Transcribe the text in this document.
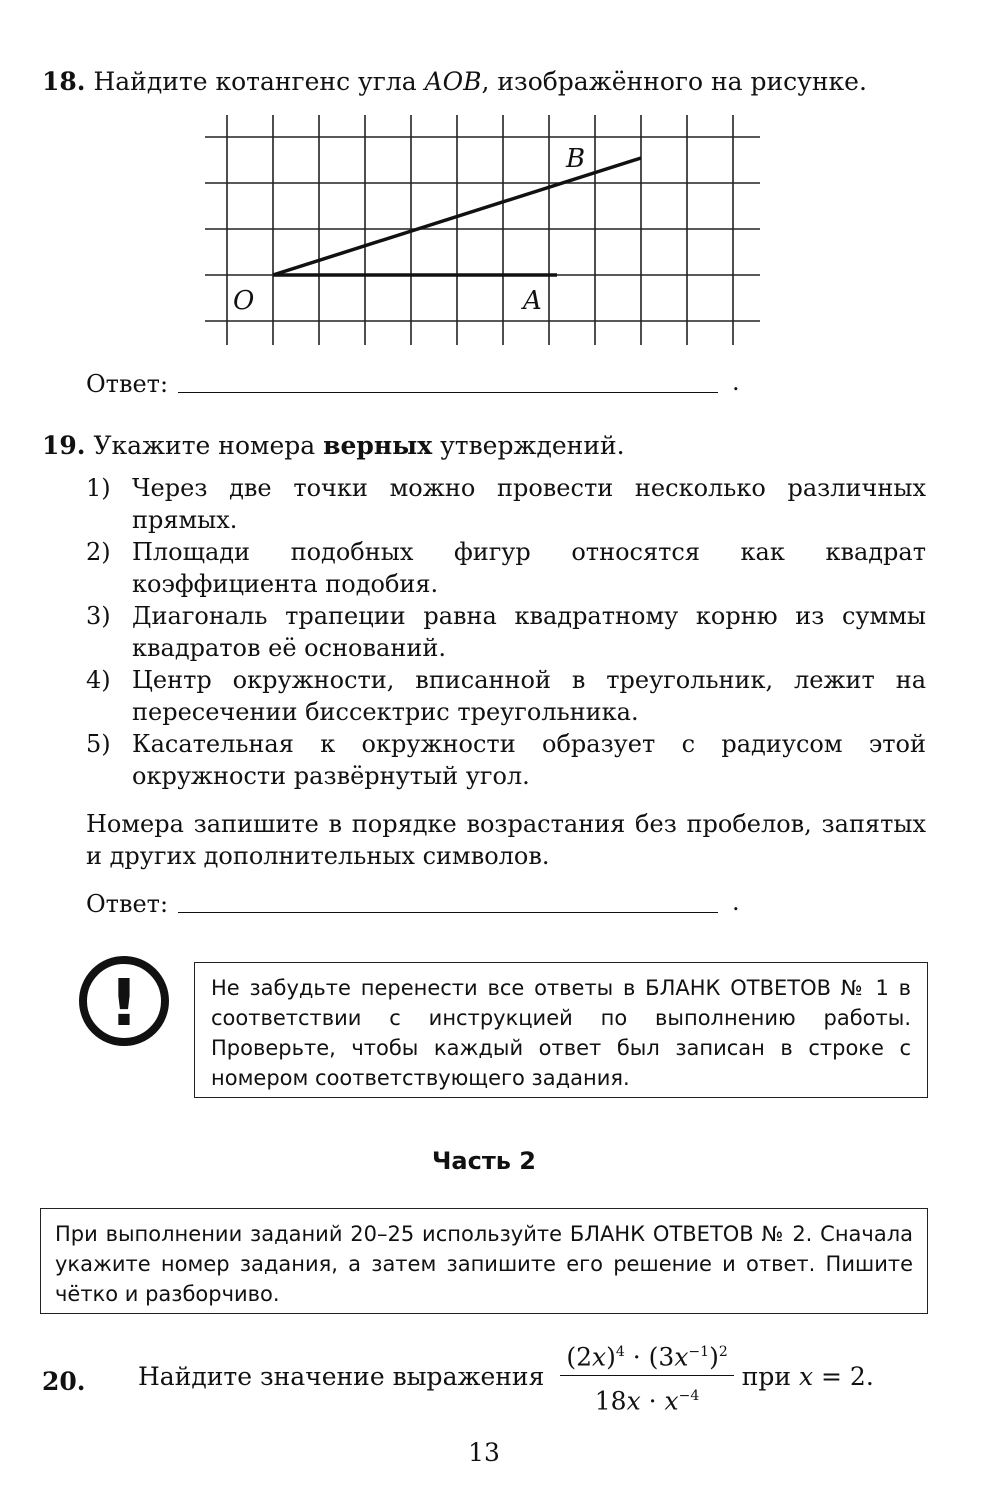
18. Найдите котангенс угла AOB, изображённого на рисунке.
B
O	A
Ответ:	.
19. Укажите номера верных утверждений.
1) Через две точки можно провести несколько различных прямых.
2) Площади подобных фигур относятся как квадрат коэффициента подобия.
3) Диагональ трапеции равна квадратному корню из суммы квадратов её оснований.
4) Центр окружности, вписанной в треугольник, лежит на пересечении биссектрис треугольника.
5) Касательная к окружности образует с радиусом этой окружности развёрнутый угол.
Номера запишите в порядке возрастания без пробелов, запятых и других дополнительных символов.
Ответ:	.
!	Не забудьте перенести все ответы в БЛАНК ОТВЕТОВ № 1 в соответствии с инструкцией по выполнению работы. Проверьте, чтобы каждый ответ был записан в строке с номером соответствующего задания.
Часть 2
При выполнении заданий 20–25 используйте БЛАНК ОТВЕТОВ № 2. Сначала укажите номер задания, а затем запишите его решение и ответ. Пишите чётко и разборчиво.
20. Найдите значение выражения $\frac{(2x)^4 \cdot (3x^{-1})^2}{18x \cdot x^{-4}}$ при x = 2.
13
